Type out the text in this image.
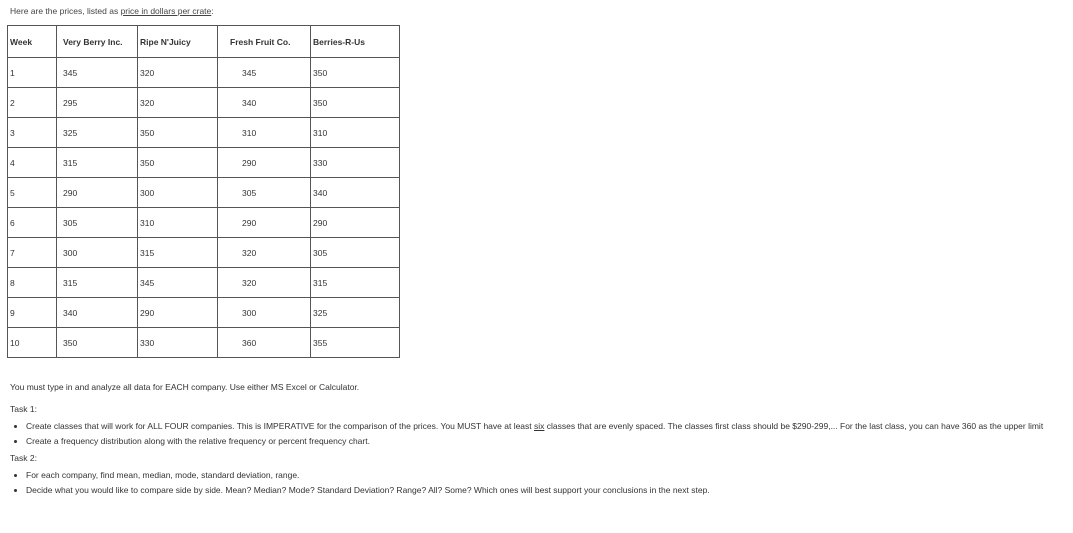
Here are the prices, listed as price in dollars per crate:
Week	Very Berry Inc.	Ripe N'Juicy	Fresh Fruit Co.	Berries-R-Us
1	345	320	345	350
2	295	320	340	350
3	325	350	310	310
4	315	350	290	330
5	290	300	305	340
6	305	310	290	290
7	300	315	320	305
8	315	345	320	315
9	340	290	300	325
10	350	330	360	355

You must type in and analyze all data for EACH company. Use either MS Excel or Calculator.

Task 1:

• Create classes that will work for ALL FOUR companies. This is IMPERATIVE for the comparison of the prices. You MUST have at least six classes that are evenly spaced. The classes first class should be $290-299,... For the last class, you can have 360 as the upper limit
• Create a frequency distribution along with the relative frequency or percent frequency chart.

Task 2:

• For each company, find mean, median, mode, standard deviation, range.
• Decide what you would like to compare side by side. Mean? Median? Mode? Standard Deviation? Range? All? Some? Which ones will best support your conclusions in the next step.
